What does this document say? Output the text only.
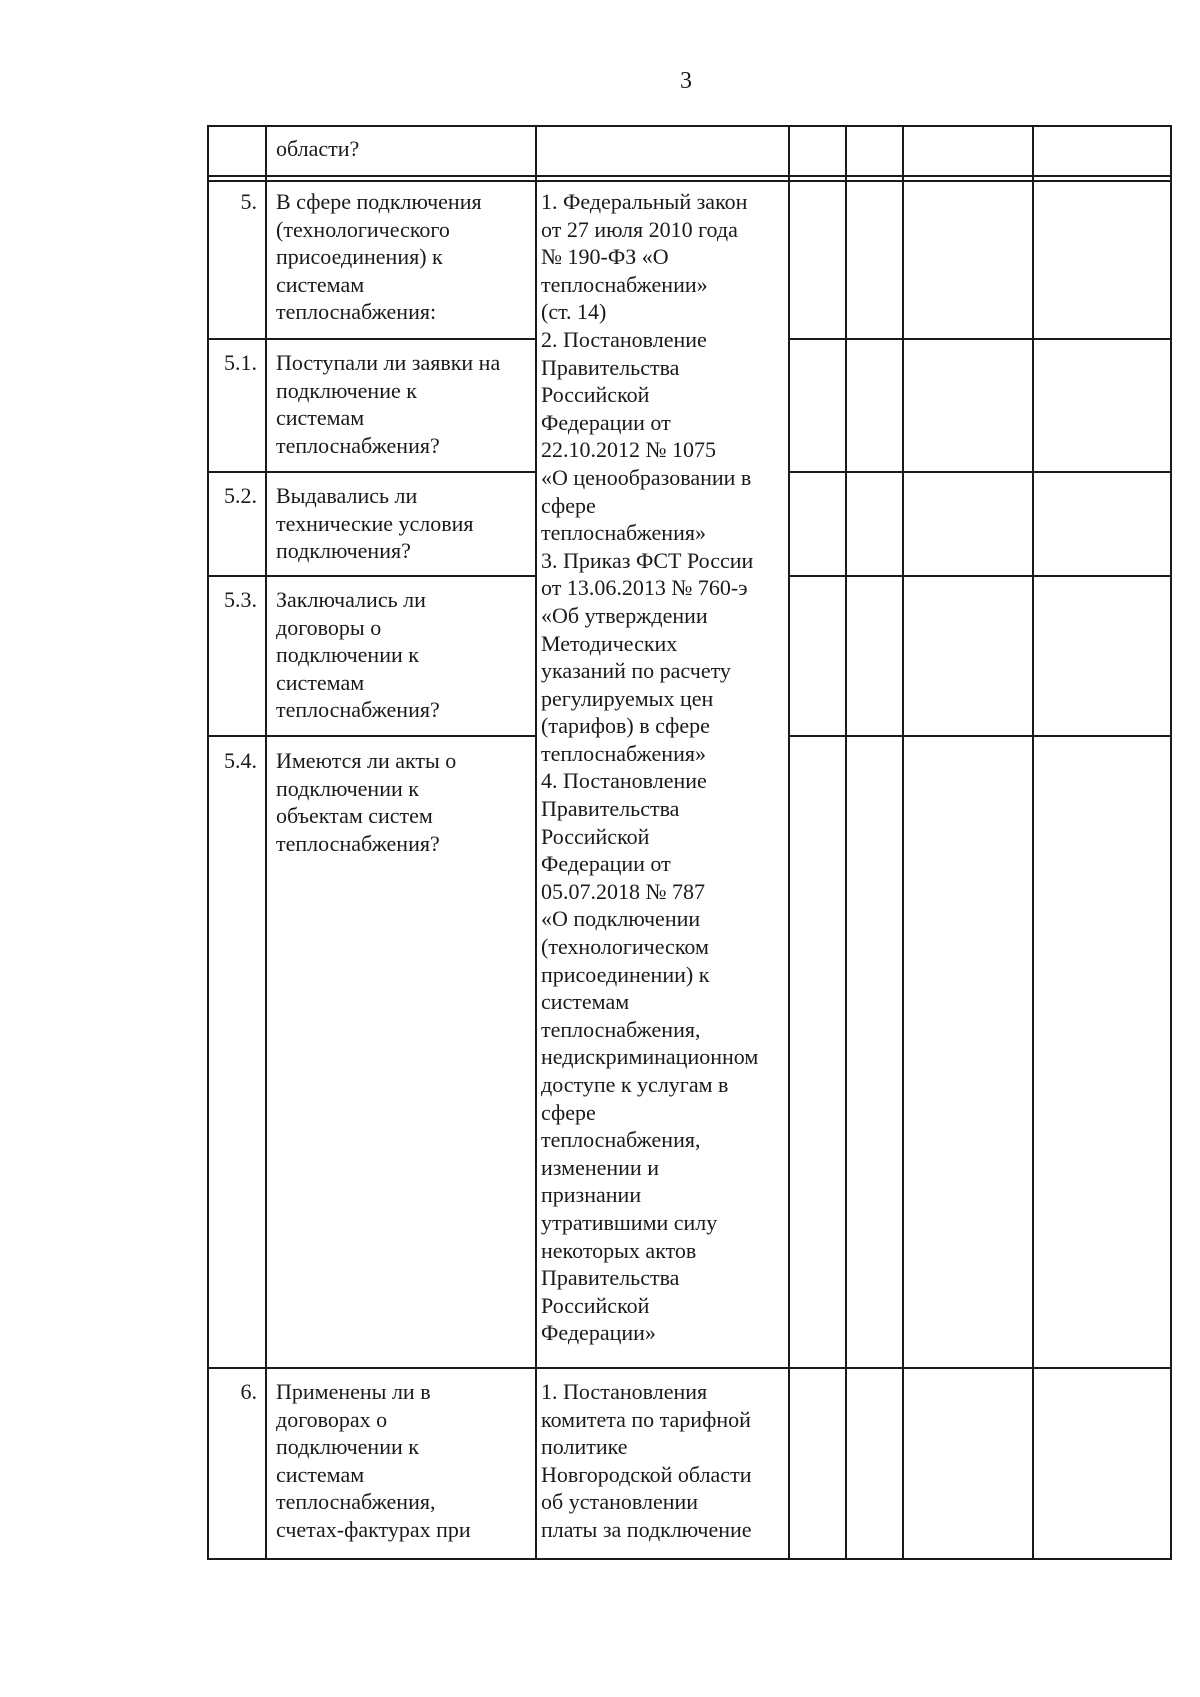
3
5.
5.1.
5.2.
5.3.
5.4.
6.
области?
В сфере подключения
(технологического
присоединения) к
системам
теплоснабжения:
Поступали ли заявки на
подключение к
системам
теплоснабжения?
Выдавались ли
технические условия
подключения?
Заключались ли
договоры о
подключении к
системам
теплоснабжения?
Имеются ли акты о
подключении к
объектам систем
теплоснабжения?
Применены ли в
договорах о
подключении к
системам
теплоснабжения,
счетах-фактурах при
1. Федеральный закон
от 27 июля 2010 года
№ 190-ФЗ «О
теплоснабжении»
(ст. 14)
2. Постановление
Правительства
Российской
Федерации от
22.10.2012 № 1075
«О ценообразовании в
сфере
теплоснабжения»
3. Приказ ФСТ России
от 13.06.2013 № 760-э
«Об утверждении
Методических
указаний по расчету
регулируемых цен
(тарифов) в сфере
теплоснабжения»
4. Постановление
Правительства
Российской
Федерации от
05.07.2018 № 787
«О подключении
(технологическом
присоединении) к
системам
теплоснабжения,
недискриминационном
доступе к услугам в
сфере
теплоснабжения,
изменении и
признании
утратившими силу
некоторых актов
Правительства
Российской
Федерации»
1. Постановления
комитета по тарифной
политике
Новгородской области
об установлении
платы за подключение
